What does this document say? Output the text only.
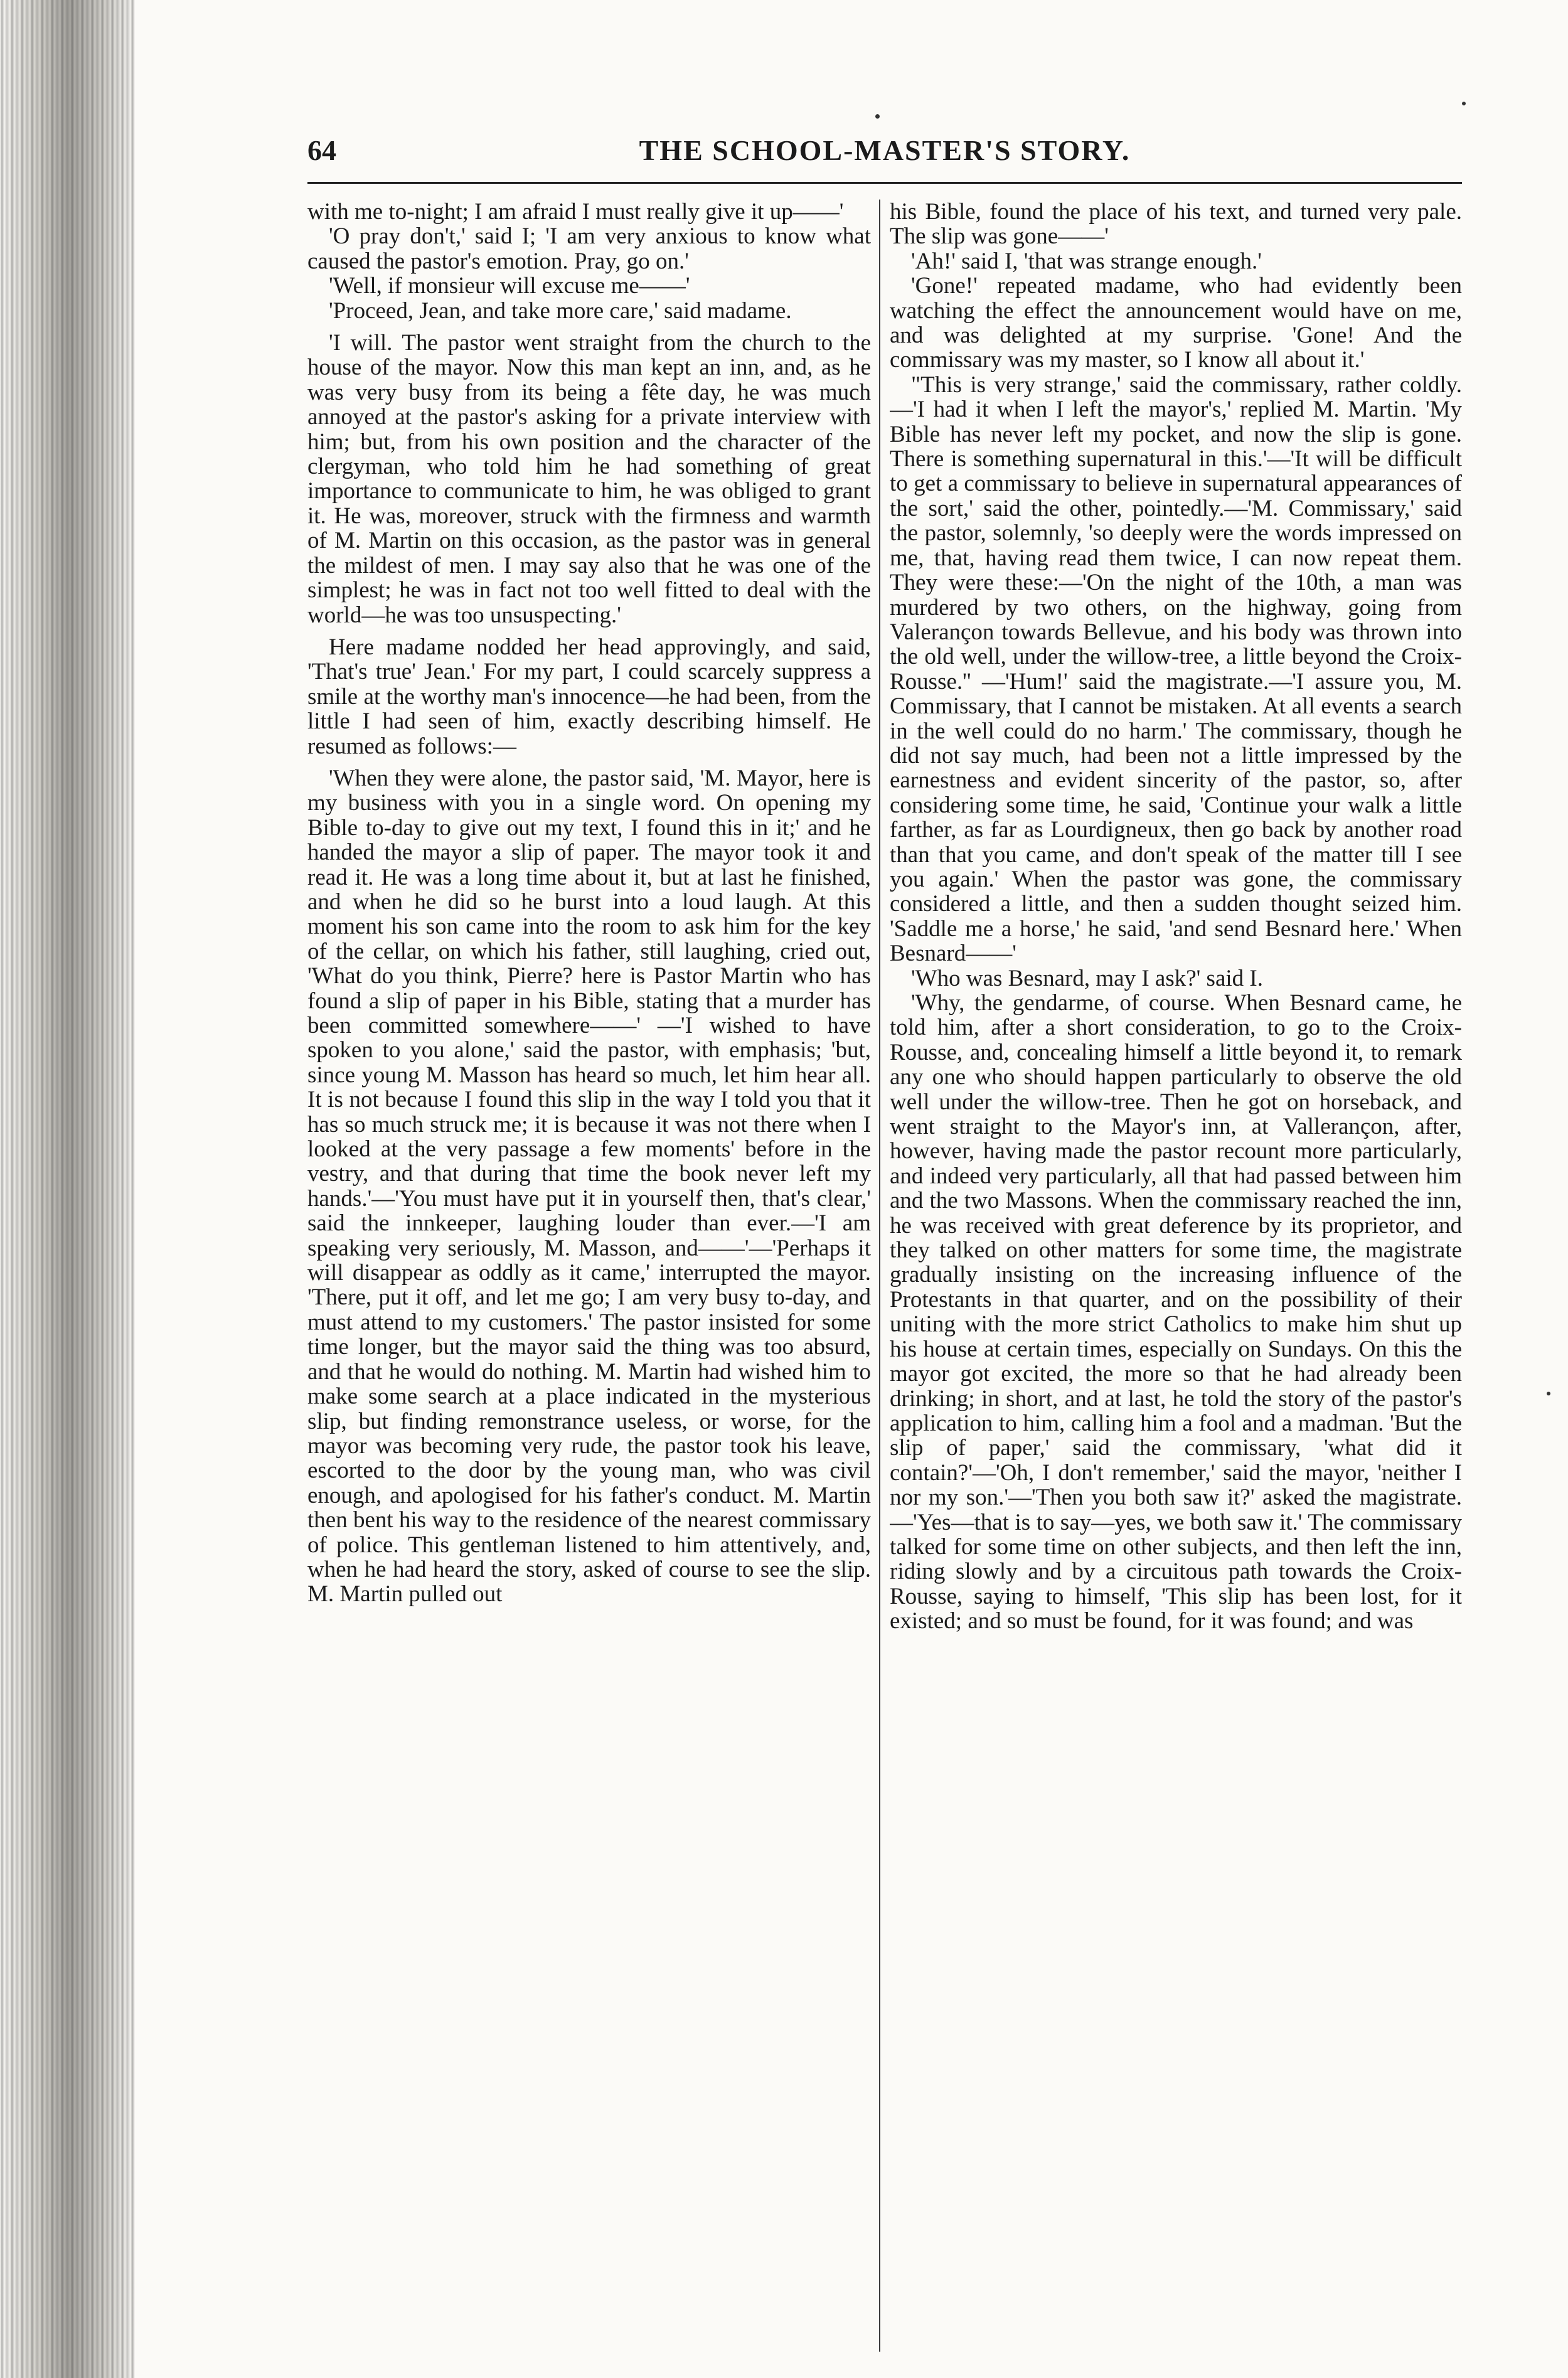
64	THE SCHOOL-MASTER'S STORY.

with me to-night; I am afraid I must really give it up——'

'O pray don't,' said I; 'I am very anxious to know what caused the pastor's emotion. Pray, go on.'

'Well, if monsieur will excuse me——'

'Proceed, Jean, and take more care,' said madame.

'I will. The pastor went straight from the church to the house of the mayor. Now this man kept an inn, and, as he was very busy from its being a fête day, he was much annoyed at the pastor's asking for a private interview with him; but, from his own position and the character of the clergyman, who told him he had something of great importance to communicate to him, he was obliged to grant it. He was, moreover, struck with the firmness and warmth of M. Martin on this occasion, as the pastor was in general the mildest of men. I may say also that he was one of the simplest; he was in fact not too well fitted to deal with the world—he was too unsuspecting.'

Here madame nodded her head approvingly, and said, 'That's true' Jean.' For my part, I could scarcely suppress a smile at the worthy man's innocence—he had been, from the little I had seen of him, exactly describing himself. He resumed as follows:—

'When they were alone, the pastor said, 'M. Mayor, here is my business with you in a single word. On opening my Bible to-day to give out my text, I found this in it;' and he handed the mayor a slip of paper. The mayor took it and read it. He was a long time about it, but at last he finished, and when he did so he burst into a loud laugh. At this moment his son came into the room to ask him for the key of the cellar, on which his father, still laughing, cried out, 'What do you think, Pierre? here is Pastor Martin who has found a slip of paper in his Bible, stating that a murder has been committed somewhere——' —'I wished to have spoken to you alone,' said the pastor, with emphasis; 'but, since young M. Masson has heard so much, let him hear all. It is not because I found this slip in the way I told you that it has so much struck me; it is because it was not there when I looked at the very passage a few moments' before in the vestry, and that during that time the book never left my hands.'—'You must have put it in yourself then, that's clear,' said the innkeeper, laughing louder than ever.—'I am speaking very seriously, M. Masson, and——'—'Perhaps it will disappear as oddly as it came,' interrupted the mayor. 'There, put it off, and let me go; I am very busy to-day, and must attend to my customers.' The pastor insisted for some time longer, but the mayor said the thing was too absurd, and that he would do nothing. M. Martin had wished him to make some search at a place indicated in the mysterious slip, but finding remonstrance useless, or worse, for the mayor was becoming very rude, the pastor took his leave, escorted to the door by the young man, who was civil enough, and apologised for his father's conduct. M. Martin then bent his way to the residence of the nearest commissary of police. This gentleman listened to him attentively, and, when he had heard the story, asked of course to see the slip. M. Martin pulled out

his Bible, found the place of his text, and turned very pale. The slip was gone——'

'Ah!' said I, 'that was strange enough.'

'Gone!' repeated madame, who had evidently been watching the effect the announcement would have on me, and was delighted at my surprise. 'Gone! And the commissary was my master, so I know all about it.'

"This is very strange,' said the commissary, rather coldly.—'I had it when I left the mayor's,' replied M. Martin. 'My Bible has never left my pocket, and now the slip is gone. There is something supernatural in this.'—'It will be difficult to get a commissary to believe in supernatural appearances of the sort,' said the other, pointedly.—'M. Commissary,' said the pastor, solemnly, 'so deeply were the words impressed on me, that, having read them twice, I can now repeat them. They were these:—'On the night of the 10th, a man was murdered by two others, on the highway, going from Valerançon towards Bellevue, and his body was thrown into the old well, under the willow-tree, a little beyond the Croix-Rousse.'' —'Hum!' said the magistrate.—'I assure you, M. Commissary, that I cannot be mistaken. At all events a search in the well could do no harm.' The commissary, though he did not say much, had been not a little impressed by the earnestness and evident sincerity of the pastor, so, after considering some time, he said, 'Continue your walk a little farther, as far as Lourdigneux, then go back by another road than that you came, and don't speak of the matter till I see you again.' When the pastor was gone, the commissary considered a little, and then a sudden thought seized him. 'Saddle me a horse,' he said, 'and send Besnard here.' When Besnard——'

'Who was Besnard, may I ask?' said I.

'Why, the gendarme, of course. When Besnard came, he told him, after a short consideration, to go to the Croix-Rousse, and, concealing himself a little beyond it, to remark any one who should happen particularly to observe the old well under the willow-tree. Then he got on horseback, and went straight to the Mayor's inn, at Vallerançon, after, however, having made the pastor recount more particularly, and indeed very particularly, all that had passed between him and the two Massons. When the commissary reached the inn, he was received with great deference by its proprietor, and they talked on other matters for some time, the magistrate gradually insisting on the increasing influence of the Protestants in that quarter, and on the possibility of their uniting with the more strict Catholics to make him shut up his house at certain times, especially on Sundays. On this the mayor got excited, the more so that he had already been drinking; in short, and at last, he told the story of the pastor's application to him, calling him a fool and a madman. 'But the slip of paper,' said the commissary, 'what did it contain?'—'Oh, I don't remember,' said the mayor, 'neither I nor my son.'—'Then you both saw it?' asked the magistrate.—'Yes—that is to say—yes, we both saw it.' The commissary talked for some time on other subjects, and then left the inn, riding slowly and by a circuitous path towards the Croix-Rousse, saying to himself, 'This slip has been lost, for it existed; and so must be found, for it was found; and was
